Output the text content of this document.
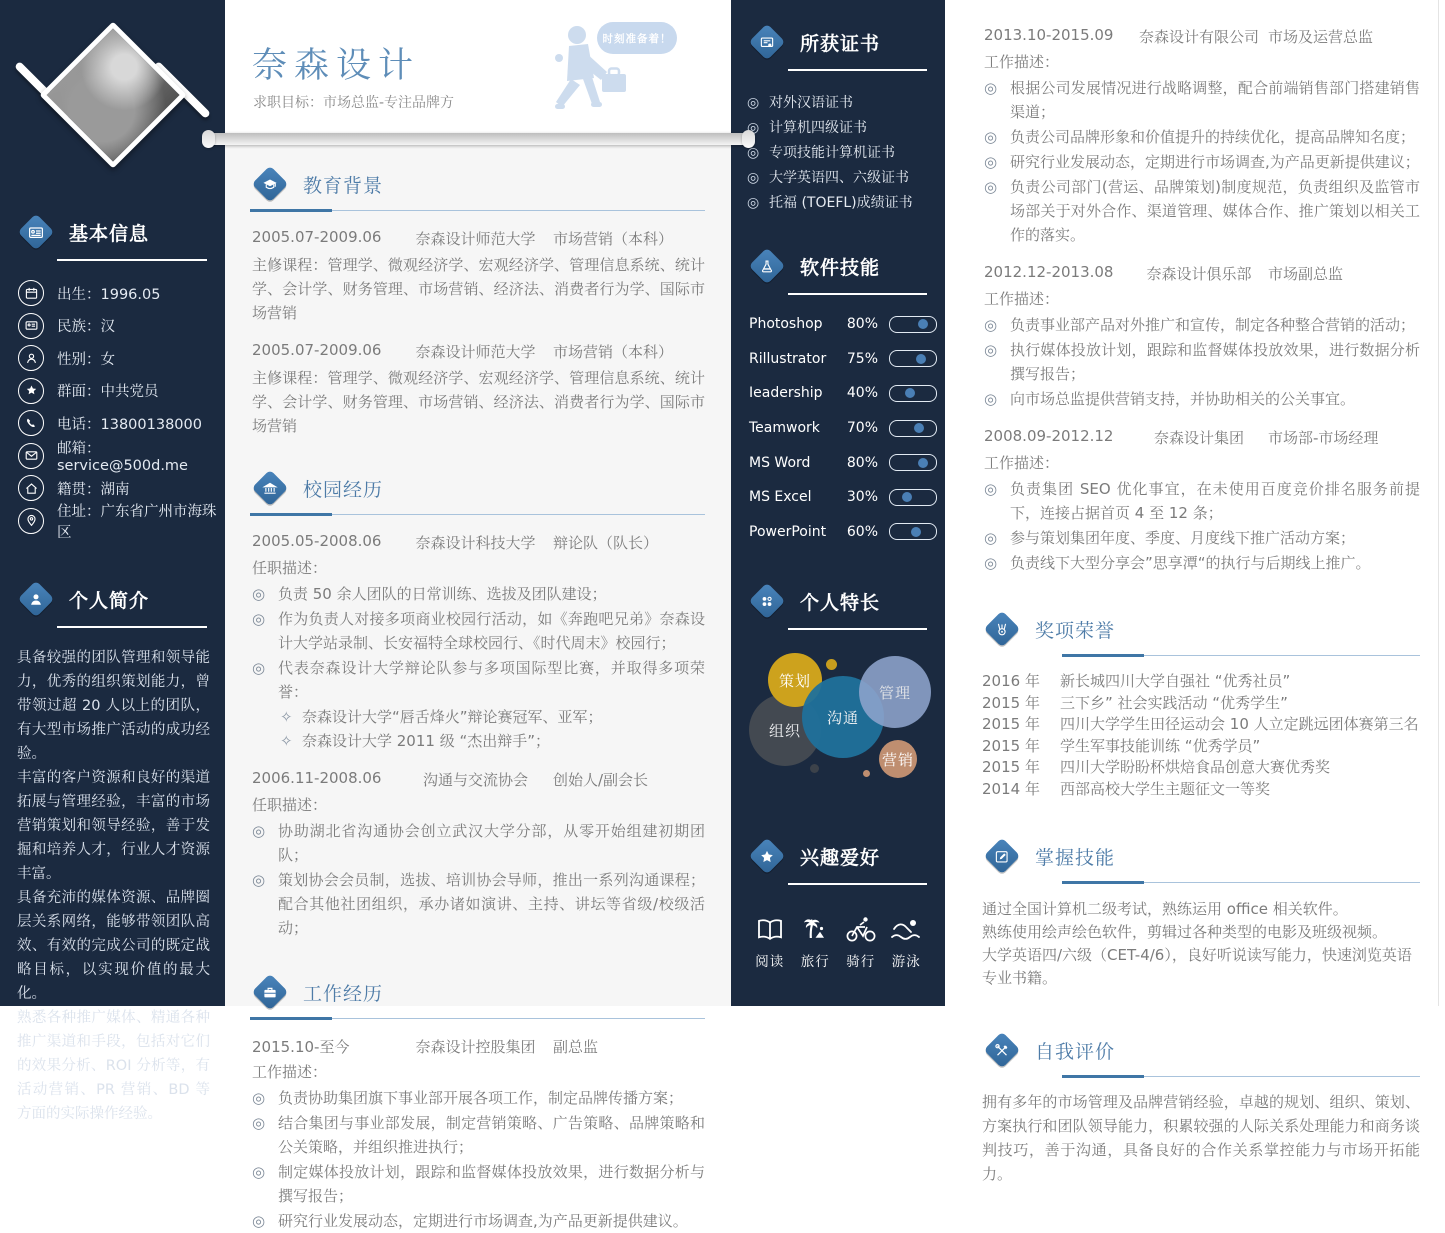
基本信息
出生：1996.05
民族：汉
性别：女
群面：中共党员
电话：13800138000
邮箱：service@500d.me
籍贯：湖南
住址：广东省广州市海珠区
个人简介

具备较强的团队管理和领导能力，优秀的组织策划能力，曾带领过超 20 人以上的团队，有大型市场推广活动的成功经验。

丰富的客户资源和良好的渠道拓展与管理经验，丰富的市场营销策划和领导经验，善于发掘和培养人才，行业人才资源丰富。

具备充沛的媒体资源、品牌圈层关系网络，能够带领团队高效、有效的完成公司的既定战略目标，以实现价值的最大化。

熟悉各种推广媒体、精通各种推广渠道和手段，包括对它们的效果分析、ROI 分析等，有活动营销、PR 营销、BD 等方面的实际操作经验。

奈森设计
求职目标：市场总监-专注品牌方
时刻准备着！
教育背景
2005.07-2009.06	奈森设计师范大学	市场营销（本科）

主修课程：管理学、微观经济学、宏观经济学、管理信息系统、统计学、会计学、财务管理、市场营销、经济法、消费者行为学、国际市场营销

2005.07-2009.06	奈森设计师范大学	市场营销（本科）

主修课程：管理学、微观经济学、宏观经济学、管理信息系统、统计学、会计学、财务管理、市场营销、经济法、消费者行为学、国际市场营销

校园经历
2005.05-2008.06	奈森设计科技大学	辩论队（队长）

任职描述：

◎ 负责 50 余人团队的日常训练、选拔及团队建设；
◎ 作为负责人对接多项商业校园行活动，如《奔跑吧兄弟》奈森设计大学站录制、长安福特全球校园行、《时代周末》校园行；
◎ 代表奈森设计大学辩论队参与多项国际型比赛，并取得多项荣誉：
✧ 奈森设计大学“唇舌烽火”辩论赛冠军、亚军；
✧ 奈森设计大学 2011 级 “杰出辩手”；
2006.11-2008.06	沟通与交流协会	创始人/副会长

任职描述：

◎ 协助湖北省沟通协会创立武汉大学分部，从零开始组建初期团队；
◎ 策划协会会员制，选拔、培训协会导师，推出一系列沟通课程；配合其他社团组织，承办诸如演讲、主持、讲坛等省级/校级活动；
工作经历
2015.10-至今	奈森设计控股集团	副总监

工作描述：

◎ 负责协助集团旗下事业部开展各项工作，制定品牌传播方案；
◎ 结合集团与事业部发展，制定营销策略、广告策略、品牌策略和公关策略，并组织推进执行；
◎ 制定媒体投放计划，跟踪和监督媒体投放效果，进行数据分析与撰写报告；
◎ 研究行业发展动态，定期进行市场调查,为产品更新提供建议。
所获证书
◎ 对外汉语证书
◎ 计算机四级证书
◎ 专项技能计算机证书
◎ 大学英语四、六级证书
◎ 托福 (TOEFL)成绩证书
软件技能
Photoshop	80%
Rillustrator	75%
Ieadership	40%
Teamwork	70%
MS Word	80%
MS Excel	30%
PowerPoint	60%
个人特长
组织
策划
沟通
管理
营销
兴趣爱好
阅读	旅行	骑行	游泳
2013.10-2015.09	奈森设计有限公司 市场及运营总监

工作描述：

◎ 根据公司发展情况进行战略调整，配合前端销售部门搭建销售渠道；
◎ 负责公司品牌形象和价值提升的持续优化，提高品牌知名度；
◎ 研究行业发展动态，定期进行市场调查,为产品更新提供建议；
◎ 负责公司部门(营运、品牌策划)制度规范，负责组织及监管市场部关于对外合作、渠道管理、媒体合作、推广策划以相关工作的落实。
2012.12-2013.08	奈森设计俱乐部	市场副总监

工作描述：

◎ 负责事业部产品对外推广和宣传，制定各种整合营销的活动；
◎ 执行媒体投放计划，跟踪和监督媒体投放效果，进行数据分析撰写报告；
◎ 向市场总监提供营销支持，并协助相关的公关事宜。
2008.09-2012.12	奈森设计集团	市场部-市场经理

工作描述：

◎ 负责集团 SEO 优化事宜，在未使用百度竞价排名服务前提下，连接占据首页 4 至 12 条；
◎ 参与策划集团年度、季度、月度线下推广活动方案；
◎ 负责线下大型分享会”思享潭“的执行与后期线上推广。
奖项荣誉
2016 年	新长城四川大学自强社 “优秀社员”
2015 年	三下乡” 社会实践活动 “优秀学生”
2015 年	四川大学学生田径运动会 10 人立定跳远团体赛第三名
2015 年	学生军事技能训练 “优秀学员”
2015 年	四川大学盼盼杯烘焙食品创意大赛优秀奖
2014 年	西部高校大学生主题征文一等奖
掌握技能

通过全国计算机二级考试，熟练运用 office 相关软件。

熟练使用绘声绘色软件，剪辑过各种类型的电影及班级视频。

大学英语四/六级（CET-4/6），良好听说读写能力，快速浏览英语专业书籍。

自我评价

拥有多年的市场管理及品牌营销经验，卓越的规划、组织、策划、方案执行和团队领导能力，积累较强的人际关系处理能力和商务谈判技巧，善于沟通，具备良好的合作关系掌控能力与市场开拓能力。
